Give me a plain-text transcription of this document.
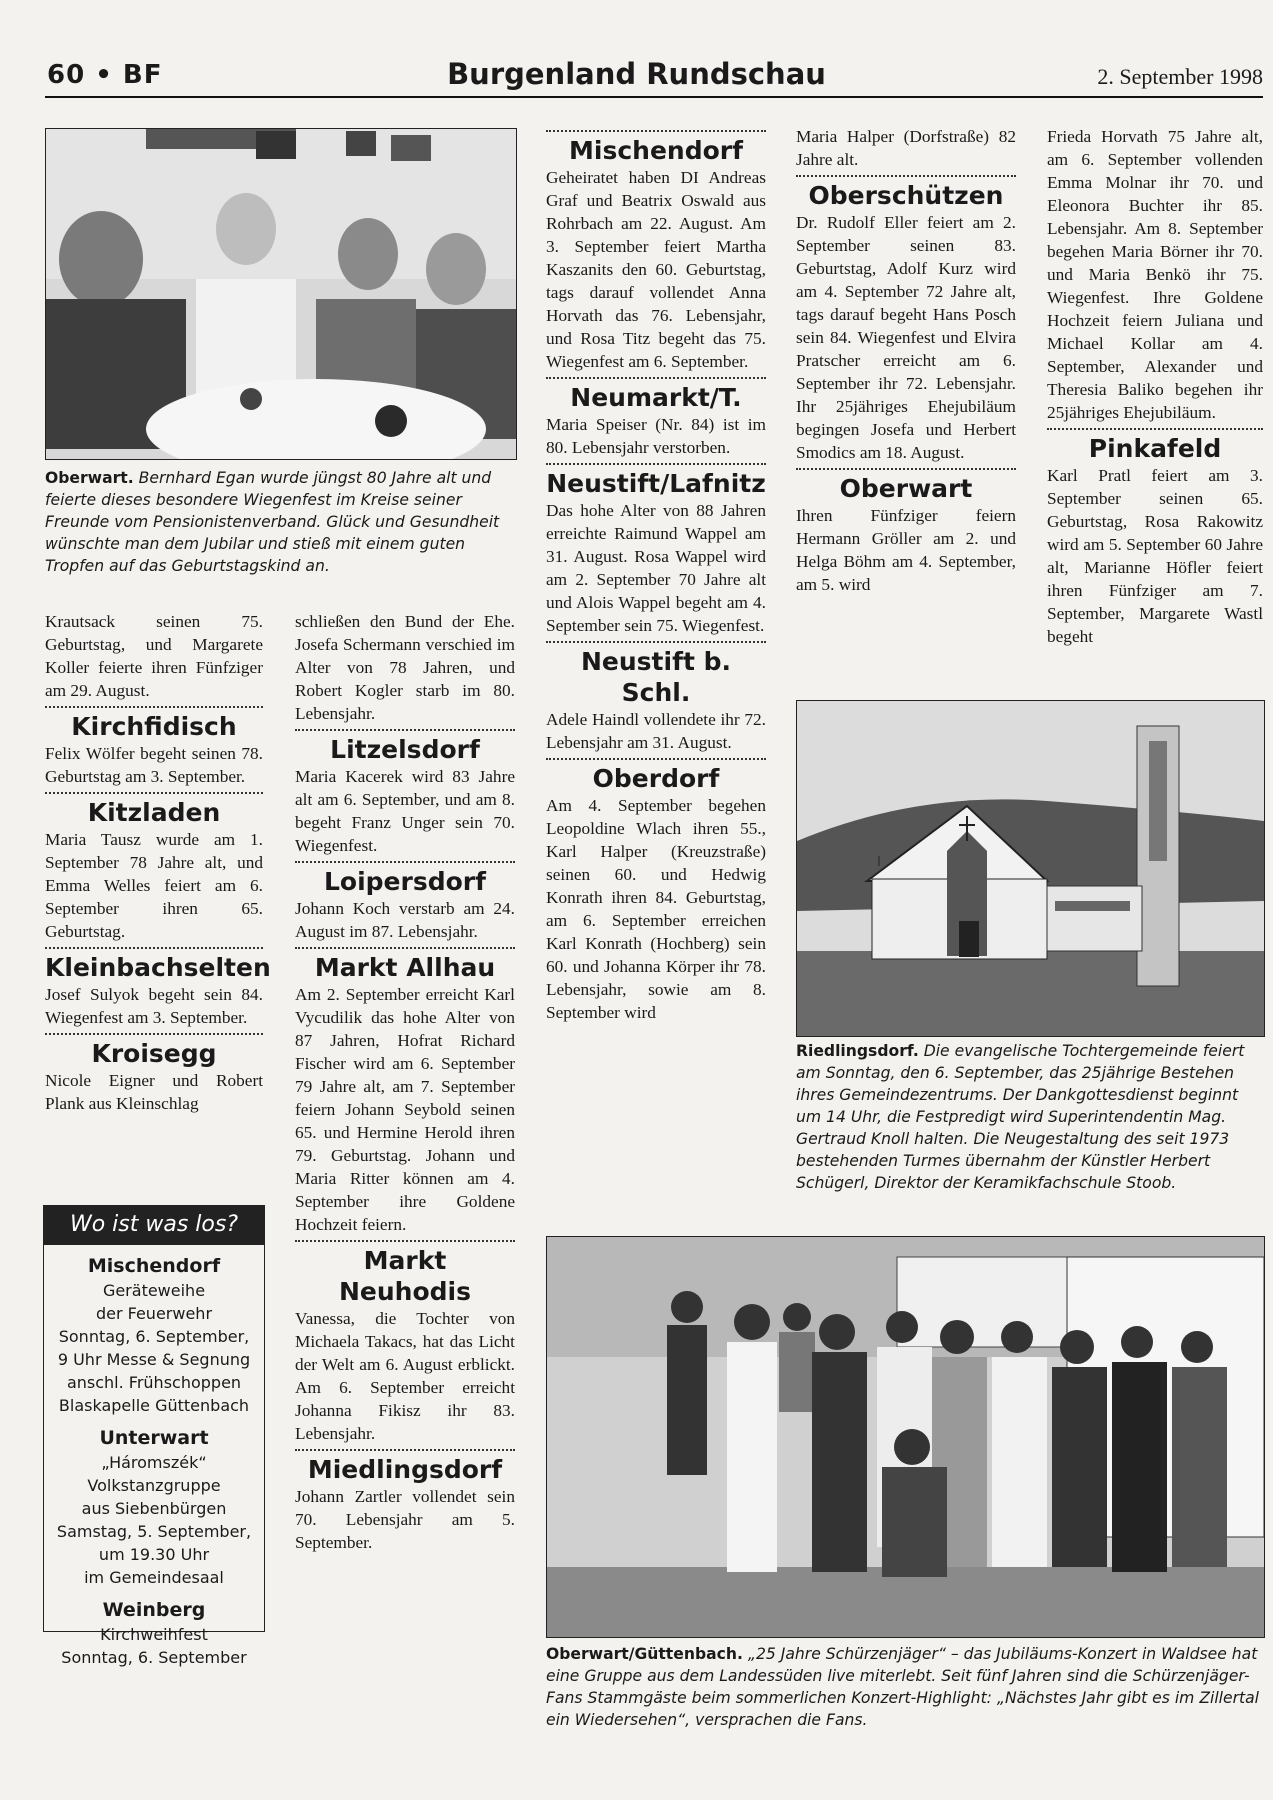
60 • BF	Burgenland Rundschau	2. September 1998
Oberwart. Bernhard Egan wurde jüngst 80 Jahre alt und feierte dieses besondere Wiegenfest im Kreise seiner Freunde vom Pensionistenverband. Glück und Gesundheit wünschte man dem Jubilar und stieß mit einem guten Tropfen auf das Geburtstagskind an.

Krautsack seinen 75. Geburtstag, und Margarete Koller feierte ihren Fünfziger am 29. August.

Kirchfidisch

Felix Wölfer begeht seinen 78. Geburtstag am 3. September.

Kitzladen

Maria Tausz wurde am 1. September 78 Jahre alt, und Emma Welles feiert am 6. September ihren 65. Geburtstag.

Kleinbachselten

Josef Sulyok begeht sein 84. Wiegenfest am 3. September.

Kroisegg

Nicole Eigner und Robert Plank aus Kleinschlag

Wo ist was los?
Mischendorf
Geräteweihe
der Feuerwehr
Sonntag, 6. September,
9 Uhr Messe & Segnung
anschl. Frühschoppen
Blaskapelle Güttenbach
Unterwart
„Háromszék“
Volkstanzgruppe
aus Siebenbürgen
Samstag, 5. September,
um 19.30 Uhr
im Gemeindesaal
Weinberg
Kirchweihfest
Sonntag, 6. September

schließen den Bund der Ehe. Josefa Schermann verschied im Alter von 78 Jahren, und Robert Kogler starb im 80. Lebensjahr.

Litzelsdorf

Maria Kacerek wird 83 Jahre alt am 6. September, und am 8. begeht Franz Unger sein 70. Wiegenfest.

Loipersdorf

Johann Koch verstarb am 24. August im 87. Lebensjahr.

Markt Allhau

Am 2. September erreicht Karl Vycudilik das hohe Alter von 87 Jahren, Hofrat Richard Fischer wird am 6. September 79 Jahre alt, am 7. September feiern Johann Seybold seinen 65. und Hermine Herold ihren 79. Geburtstag. Johann und Maria Ritter können am 4. September ihre Goldene Hochzeit feiern.

Markt Neuhodis

Vanessa, die Tochter von Michaela Takacs, hat das Licht der Welt am 6. August erblickt. Am 6. September erreicht Johanna Fikisz ihr 83. Lebensjahr.

Miedlingsdorf

Johann Zartler vollendet sein 70. Lebensjahr am 5. September.

Mischendorf

Geheiratet haben DI Andreas Graf und Beatrix Oswald aus Rohrbach am 22. August. Am 3. September feiert Martha Kaszanits den 60. Geburtstag, tags darauf vollendet Anna Horvath das 76. Lebensjahr, und Rosa Titz begeht das 75. Wiegenfest am 6. September.

Neumarkt/T.

Maria Speiser (Nr. 84) ist im 80. Lebensjahr verstorben.

Neustift/Lafnitz

Das hohe Alter von 88 Jahren erreichte Raimund Wappel am 31. August. Rosa Wappel wird am 2. September 70 Jahre alt und Alois Wappel begeht am 4. September sein 75. Wiegenfest.

Neustift b. Schl.

Adele Haindl vollendete ihr 72. Lebensjahr am 31. August.

Oberdorf

Am 4. September begehen Leopoldine Wlach ihren 55., Karl Halper (Kreuzstraße) seinen 60. und Hedwig Konrath ihren 84. Geburtstag, am 6. September erreichen Karl Konrath (Hochberg) sein 60. und Johanna Körper ihr 78. Lebensjahr, sowie am 8. September wird

Maria Halper (Dorfstraße) 82 Jahre alt.

Oberschützen

Dr. Rudolf Eller feiert am 2. September seinen 83. Geburtstag, Adolf Kurz wird am 4. September 72 Jahre alt, tags darauf begeht Hans Posch sein 84. Wiegenfest und Elvira Pratscher erreicht am 6. September ihr 72. Lebensjahr. Ihr 25jähriges Ehejubiläum begingen Josefa und Herbert Smodics am 18. August.

Oberwart

Ihren Fünfziger feiern Hermann Gröller am 2. und Helga Böhm am 4. September, am 5. wird

Frieda Horvath 75 Jahre alt, am 6. September vollenden Emma Molnar ihr 70. und Eleonora Buchter ihr 85. Lebensjahr. Am 8. September begehen Maria Börner ihr 70. und Maria Benkö ihr 75. Wiegenfest. Ihre Goldene Hochzeit feiern Juliana und Michael Kollar am 4. September, Alexander und Theresia Baliko begehen ihr 25jähriges Ehejubiläum.

Pinkafeld

Karl Pratl feiert am 3. September seinen 65. Geburtstag, Rosa Rakowitz wird am 5. September 60 Jahre alt, Marianne Höfler feiert ihren Fünfziger am 7. September, Margarete Wastl begeht

Riedlingsdorf. Die evangelische Tochtergemeinde feiert am Sonntag, den 6. September, das 25jährige Bestehen ihres Gemeindezentrums. Der Dankgottesdienst beginnt um 14 Uhr, die Festpredigt wird Superintendentin Mag. Gertraud Knoll halten. Die Neugestaltung des seit 1973 bestehenden Turmes übernahm der Künstler Herbert Schügerl, Direktor der Keramikfachschule Stoob.
Oberwart/Güttenbach. „25 Jahre Schürzenjäger“ – das Jubiläums-Konzert in Waldsee hat eine Gruppe aus dem Landessüden live miterlebt. Seit fünf Jahren sind die Schürzenjäger-Fans Stammgäste beim sommerlichen Konzert-Highlight: „Nächstes Jahr gibt es im Zillertal ein Wiedersehen“, versprachen die Fans.
